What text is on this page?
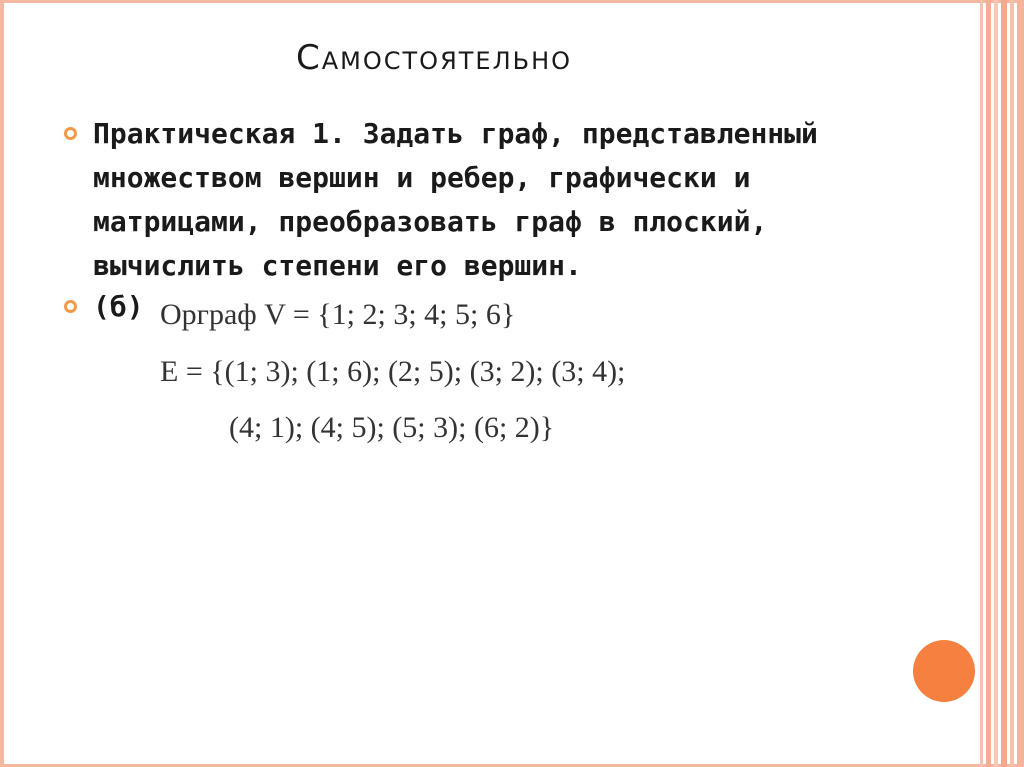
Самостоятельно
Практическая 1. Задать граф, представленный
множеством вершин и ребер, графически и
матрицами, преобразовать граф в плоский,
вычислить степени его вершин.
(б) Орграф V = {1; 2; 3; 4; 5; 6}
E = {(1; 3); (1; 6); (2; 5); (3; 2); (3; 4);
(4; 1); (4; 5); (5; 3); (6; 2)}
